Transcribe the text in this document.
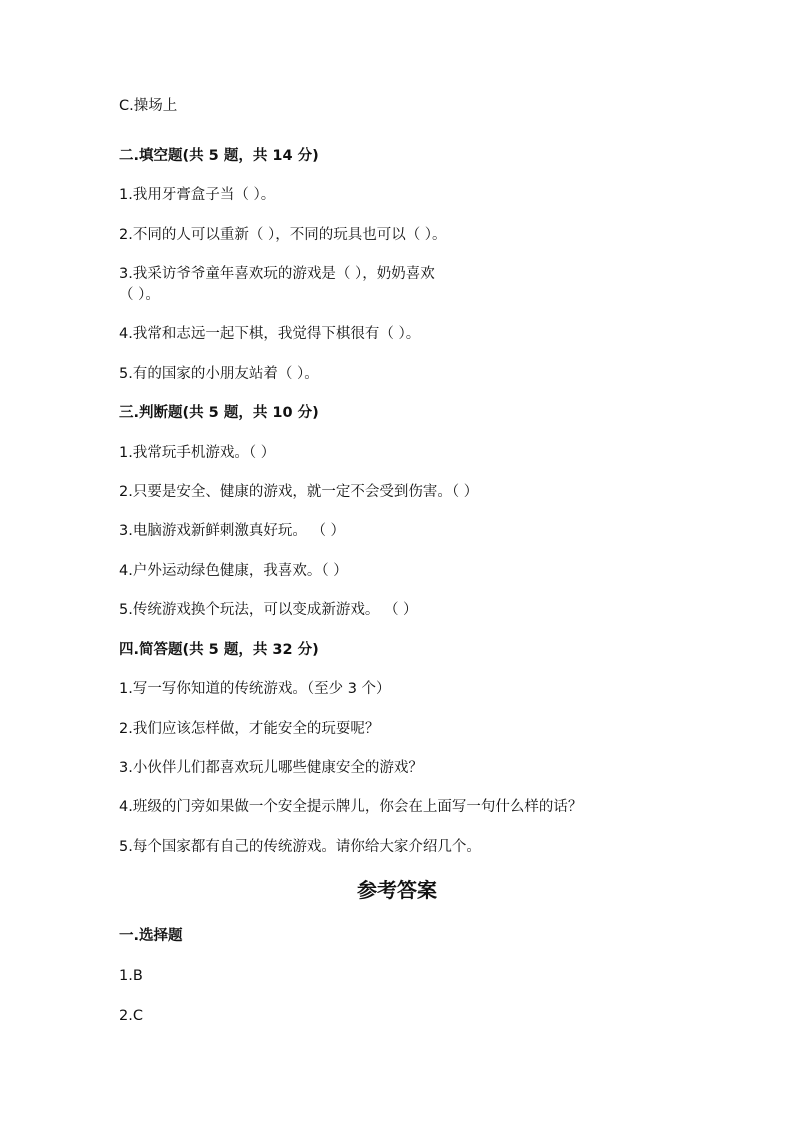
C.操场上
二.填空题(共 5 题，共 14 分)
1.我用牙膏盒子当（ ）。
2.不同的人可以重新（ ），不同的玩具也可以（ ）。
3.我采访爷爷童年喜欢玩的游戏是（ ），奶奶喜欢
（ ）。
4.我常和志远一起下棋，我觉得下棋很有（ ）。
5.有的国家的小朋友站着（ ）。
三.判断题(共 5 题，共 10 分)
1.我常玩手机游戏。（ ）
2.只要是安全、健康的游戏，就一定不会受到伤害。（ ）
3.电脑游戏新鲜刺激真好玩。 （ ）
4.户外运动绿色健康，我喜欢。（ ）
5.传统游戏换个玩法，可以变成新游戏。 （ ）
四.简答题(共 5 题，共 32 分)
1.写一写你知道的传统游戏。（至少 3 个）
2.我们应该怎样做，才能安全的玩耍呢？
3.小伙伴儿们都喜欢玩儿哪些健康安全的游戏？
4.班级的门旁如果做一个安全提示牌儿，你会在上面写一句什么样的话？
5.每个国家都有自己的传统游戏。请你给大家介绍几个。
参考答案
一.选择题
1.B
2.C
